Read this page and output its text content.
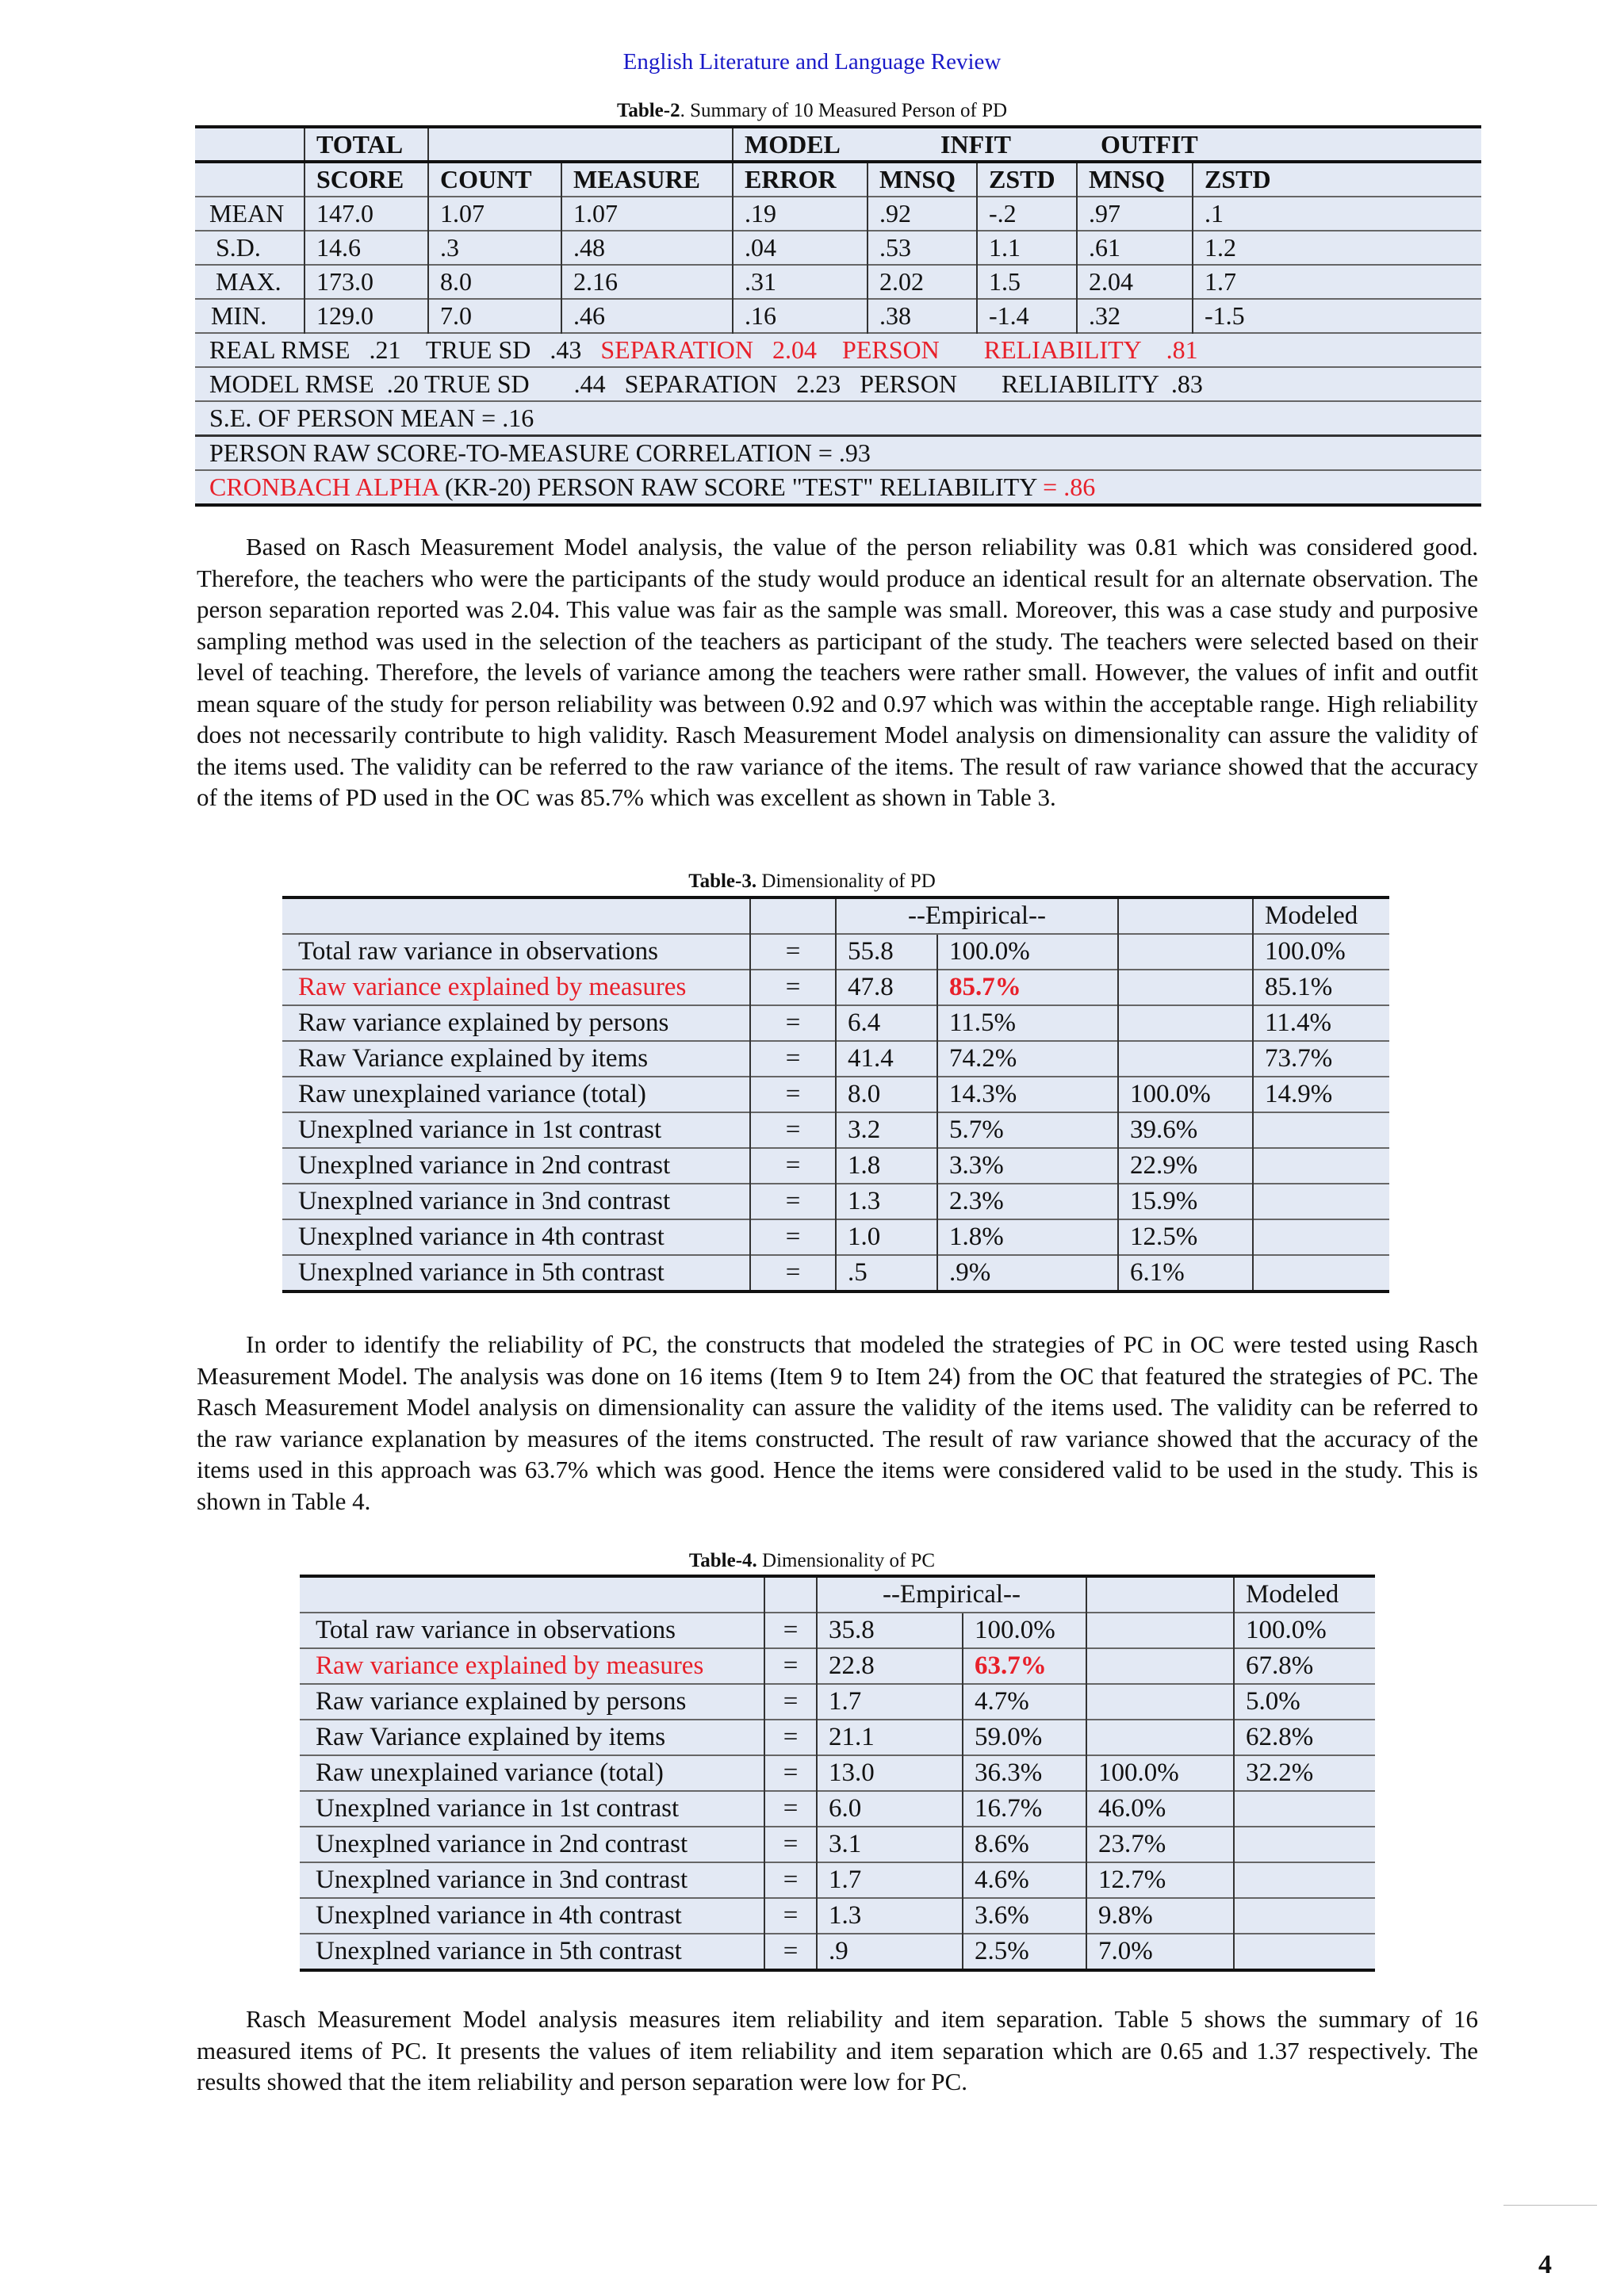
English Literature and Language Review
Table-2. Summary of 10 Measured Person of PD
	TOTAL			MODEL	INFIT		OUTFIT	
	SCORE	COUNT	MEASURE	ERROR	MNSQ	ZSTD	MNSQ	ZSTD
MEAN	147.0	1.07	1.07	.19	.92	-.2	.97	.1
S.D.	14.6	.3	.48	.04	.53	1.1	.61	1.2
MAX.	173.0	8.0	2.16	.31	2.02	1.5	2.04	1.7
MIN.	129.0	7.0	.46	.16	.38	-1.4	.32	-1.5
REAL RMSE   .21    TRUE SD   .43 SEPARATION   2.04    PERSON       RELIABILITY    .81								
MODEL RMSE  .20 TRUE SD       .44   SEPARATION   2.23   PERSON       RELIABILITY  .83								
S.E. OF PERSON MEAN = .16								
PERSON RAW SCORE-TO-MEASURE CORRELATION = .93								
CRONBACH ALPHA (KR-20) PERSON RAW SCORE "TEST" RELIABILITY = .86								

Based on Rasch Measurement Model analysis, the value of the person reliability was 0.81 which was considered good. Therefore, the teachers who were the participants of the study would produce an identical result for an alternate observation. The person separation reported was 2.04. This value was fair as the sample was small. Moreover, this was a case study and purposive sampling method was used in the selection of the teachers as participant of the study. The teachers were selected based on their level of teaching. Therefore, the levels of variance among the teachers were rather small. However, the values of infit and outfit mean square of the study for person reliability was between 0.92 and 0.97 which was within the acceptable range. High reliability does not necessarily contribute to high validity. Rasch Measurement Model analysis on dimensionality can assure the validity of the items used. The validity can be referred to the raw variance of the items. The result of raw variance showed that the accuracy of the items of PD used in the OC was 85.7% which was excellent as shown in Table 3.

Table-3. Dimensionality of PD
		--Empirical--			Modeled
Total raw variance in observations	=	55.8	100.0%		100.0%
Raw variance explained by measures	=	47.8	85.7%		85.1%
Raw variance explained by persons	=	6.4	11.5%		11.4%
Raw Variance explained by items	=	41.4	74.2%		73.7%
Raw unexplained variance (total)	=	8.0	14.3%	100.0%	14.9%
Unexplned variance in 1st contrast	=	3.2	5.7%	39.6%	
Unexplned variance in 2nd contrast	=	1.8	3.3%	22.9%	
Unexplned variance in 3nd contrast	=	1.3	2.3%	15.9%	
Unexplned variance in 4th contrast	=	1.0	1.8%	12.5%	
Unexplned variance in 5th contrast	=	.5	.9%	6.1%	

In order to identify the reliability of PC, the constructs that modeled the strategies of PC in OC were tested using Rasch Measurement Model. The analysis was done on 16 items (Item 9 to Item 24) from the OC that featured the strategies of PC. The Rasch Measurement Model analysis on dimensionality can assure the validity of the items used. The validity can be referred to the raw variance explanation by measures of the items constructed. The result of raw variance showed that the accuracy of the items used in this approach was 63.7% which was good. Hence the items were considered valid to be used in the study. This is shown in Table 4.

Table-4. Dimensionality of PC
		--Empirical--			Modeled
Total raw variance in observations	=	35.8	100.0%		100.0%
Raw variance explained by measures	=	22.8	63.7%		67.8%
Raw variance explained by persons	=	1.7	4.7%		5.0%
Raw Variance explained by items	=	21.1	59.0%		62.8%
Raw unexplained variance (total)	=	13.0	36.3%	100.0%	32.2%
Unexplned variance in 1st contrast	=	6.0	16.7%	46.0%	
Unexplned variance in 2nd contrast	=	3.1	8.6%	23.7%	
Unexplned variance in 3nd contrast	=	1.7	4.6%	12.7%	
Unexplned variance in 4th contrast	=	1.3	3.6%	9.8%	
Unexplned variance in 5th contrast	=	.9	2.5%	7.0%	

Rasch Measurement Model analysis measures item reliability and item separation. Table 5 shows the summary of 16 measured items of PC. It presents the values of item reliability and item separation which are 0.65 and 1.37 respectively. The results showed that the item reliability and person separation were low for PC.

4
